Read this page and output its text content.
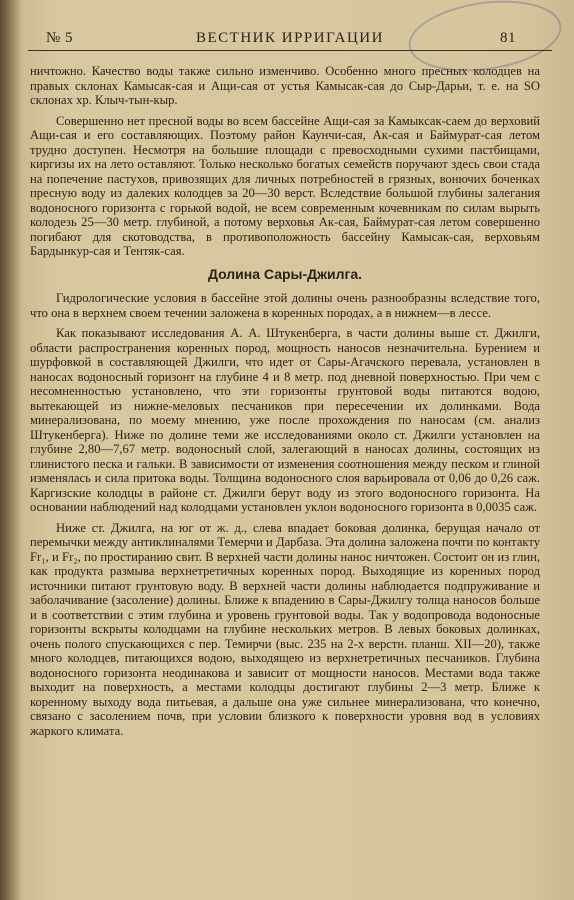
№ 5	ВЕСТНИК ИРРИГАЦИИ	81

ничтожно. Качество воды также сильно изменчиво. Особенно много пресных колодцев на правых склонах Камысак-сая и Ащи-сая от устья Камысак-сая до Сыр-Дарьи, т. е. на SO склонах хр. Клыч-тын-кыр.

Совершенно нет пресной воды во всем бассейне Ащи-сая за Камыкcак-саем до верховий Ащи-сая и его составляющих. Поэтому район Каунчи-сая, Ак-сая и Баймурат-сая летом трудно доступен. Несмотря на большие площади с превосходными сухими пастбищами, киргизы их на лето оставляют. Только несколько богатых семейств поручают здесь свои стада на попечение пастухов, привозящих для личных потребностей в грязных, вонючих боченках пресную воду из далеких колодцев за 20—30 верст. Вследствие большой глубины залегания водоносного горизонта с горькой водой, не всем современным кочевникам по силам вырыть колодезь 25—30 метр. глубиной, а потому верховья Ак-сая, Баймурат-сая летом совершенно погибают для скотоводства, в противоположность бассейну Камысак-сая, верховьям Бардынкур-сая и Тентяк-сая.

Долина Сары-Джилга.

Гидрологические условия в бассейне этой долины очень разнообразны вследствие того, что она в верхнем своем течении заложена в коренных породах, а в нижнем—в лессе.

Как показывают исследования А. А. Штукенберга, в части долины выше ст. Джилги, области распространения коренных пород, мощность наносов незначительна. Бурением и шурфовкой в составляющей Джилги, что идет от Сары-Агачского перевала, установлен в наносах водоносный горизонт на глубине 4 и 8 метр. под дневной поверхностью. При чем с несомненностью установлено, что эти горизонты грунтовой воды питаются водою, вытекающей из нижне-меловых песчаников при пересечении их долинками. Вода минерализована, по моему мнению, уже после прохождения по наносам (см. анализ Штукенберга). Ниже по долине теми же исследованиями около ст. Джилги установлен на глубине 2,80—7,67 метр. водоносный слой, залегающий в наносах долины, состоящих из глинистого песка и гальки. В зависимости от изменения соотношения между песком и глиной изменялась и сила притока воды. Толщина водоносного слоя варьировала от 0,06 до 0,26 саж. Каргизские колодцы в районе ст. Джилги берут воду из этого водоносного горизонта. На основании наблюдений над колодцами установлен уклон водоносного горизонта в 0,0035 саж.

Ниже ст. Джилга, на юг от ж. д., слева впадает боковая долинка, берущая начало от перемычки между антиклиналями Темерчи и Дарбаза. Эта долина заложена почти по контакту Fr₁, и Fr₂, по простиранию свит. В верхней части долины нанос ничтожен. Состоит он из глин, как продукта размыва верхнетретичных коренных пород. Выходящие из коренных пород источники питают грунтовую воду. В верхней части долины наблюдается подпруживание и заболачивание (засоление) долины. Ближе к впадению в Сары-Джилгу толща наносов больше и в соответствии с этим глубина и уровень грунтовой воды. Так у водопровода водоносные горизонты вскрыты колодцами на глубине нескольких метров. В левых боковых долинках, очень полого спускающихся с пер. Темирчи (выс. 235 на 2-х верстн. планш. XII—20), также много колодцев, питающихся водою, выходящею из верхнетретичных песчаников. Глубина водоносного горизонта неодинакова и зависит от мощности наносов. Местами вода также выходит на поверхность, а местами колодцы достигают глубины 2—3 метр. Ближе к коренному выходу вода питьевая, а дальше она уже сильнее минерализована, что конечно, связано с засолением почв, при условии близкого к поверхности уровня вод в условиях жаркого климата.
